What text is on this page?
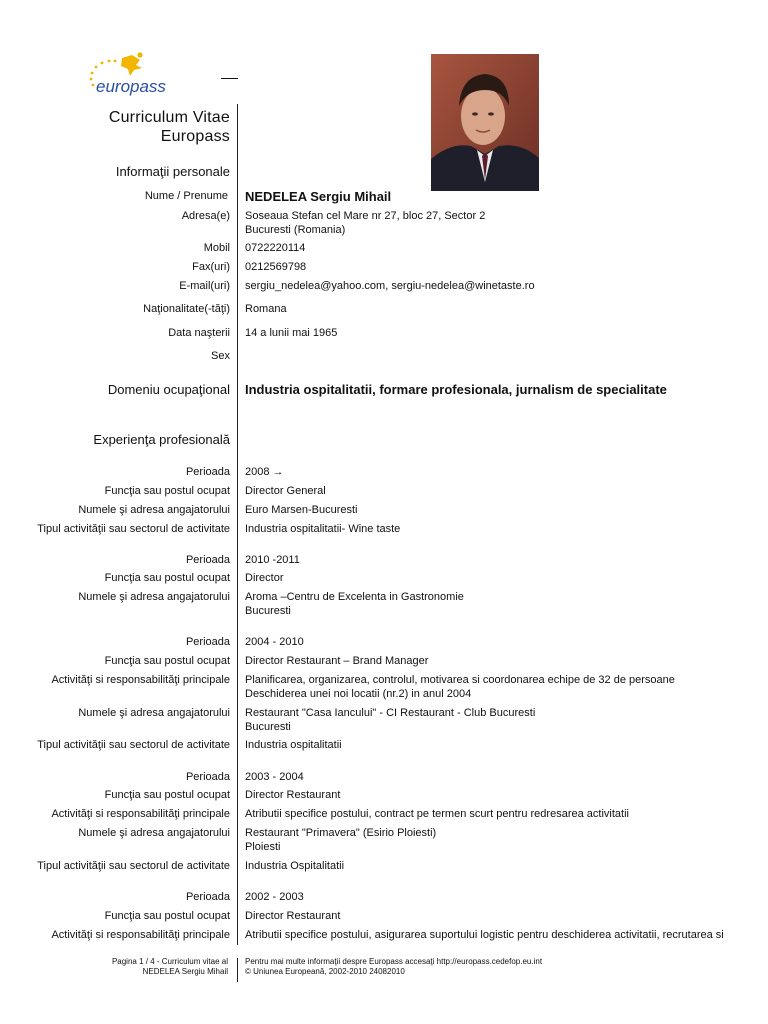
europass
Curriculum Vitae
Europass
Informaţii personale
Nume / Prenume NEDELEA Sergiu Mihail
Adresa(e) Soseaua Stefan cel Mare nr 27, bloc 27, Sector 2
Bucuresti (Romania)
Mobil 0722220114
Fax(uri) 0212569798
E-mail(uri) sergiu_nedelea@yahoo.com, sergiu-nedelea@winetaste.ro
Naţionalitate(-tăţi) Romana
Data naşterii 14 a lunii mai 1965
Sex
Domeniu ocupaţional Industria ospitalitatii, formare profesionala, jurnalism de specialitate
Experienţa profesională
Perioada 2008 →
Funcţia sau postul ocupat Director General
Numele şi adresa angajatorului Euro Marsen-Bucuresti
Tipul activităţii sau sectorul de activitate Industria ospitalitatii- Wine taste
Perioada 2010 -2011
Funcţia sau postul ocupat Director
Numele şi adresa angajatorului Aroma –Centru de Excelenta in Gastronomie
Bucuresti
Perioada 2004 - 2010
Funcţia sau postul ocupat Director Restaurant – Brand Manager
Activităţi si responsabilităţi principale Planificarea, organizarea, controlul, motivarea si coordonarea echipe de 32 de persoane
Deschiderea unei noi locatii (nr.2) in anul 2004
Numele şi adresa angajatorului Restaurant "Casa Iancului" - CI Restaurant - Club Bucuresti
Bucuresti
Tipul activităţii sau sectorul de activitate Industria ospitalitatii
Perioada 2003 - 2004
Funcţia sau postul ocupat Director Restaurant
Activităţi si responsabilităţi principale Atributii specifice postului, contract pe termen scurt pentru redresarea activitatii
Numele şi adresa angajatorului Restaurant "Primavera" (Esirio Ploiesti)
Ploiesti
Tipul activităţii sau sectorul de activitate Industria Ospitalitatii
Perioada 2002 - 2003
Funcţia sau postul ocupat Director Restaurant
Activităţi si responsabilităţi principale Atributii specifice postului, asigurarea suportului logistic pentru deschiderea activitatii, recrutarea si
Pagina 1 / 4 - Curriculum vitae al
NEDELEA Sergiu Mihail
Pentru mai multe informaţii despre Europass accesaţi http://europass.cedefop.eu.int
© Uniunea Europeană, 2002-2010 24082010
